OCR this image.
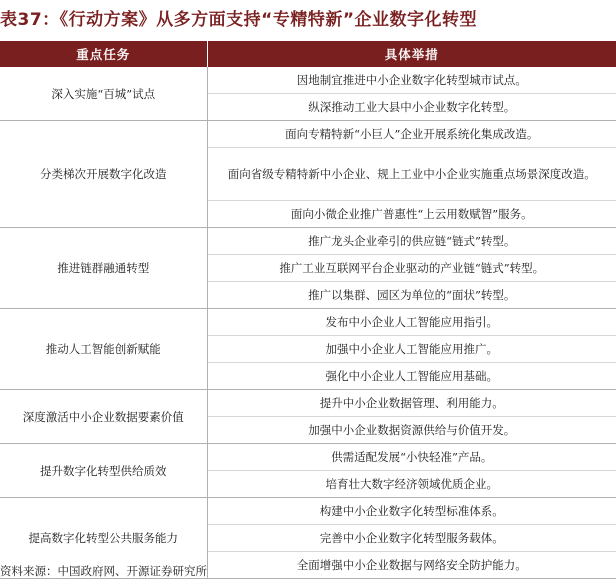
表37：《行动方案》从多方面支持“专精特新”企业数字化转型
重点任务	具体举措
深入实施“百城”试点	因地制宜推进中小企业数字化转型城市试点。
	纵深推动工业大县中小企业数字化转型。
分类梯次开展数字化改造	面向专精特新“小巨人”企业开展系统化集成改造。
	面向省级专精特新中小企业、规上工业中小企业实施重点场景深度改造。
	面向小微企业推广普惠性“上云用数赋智”服务。
推进链群融通转型	推广龙头企业牵引的供应链“链式”转型。
	推广工业互联网平台企业驱动的产业链“链式”转型。
	推广以集群、园区为单位的“面状”转型。
推动人工智能创新赋能	发布中小企业人工智能应用指引。
	加强中小企业人工智能应用推广。
	强化中小企业人工智能应用基础。
深度激活中小企业数据要素价值	提升中小企业数据管理、利用能力。
	加强中小企业数据资源供给与价值开发。
提升数字化转型供给质效	供需适配发展“小快轻准”产品。
	培育壮大数字经济领域优质企业。
提高数字化转型公共服务能力	构建中小企业数字化转型标准体系。
	完善中小企业数字化转型服务载体。
	全面增强中小企业数据与网络安全防护能力。
资料来源：中国政府网、开源证券研究所
